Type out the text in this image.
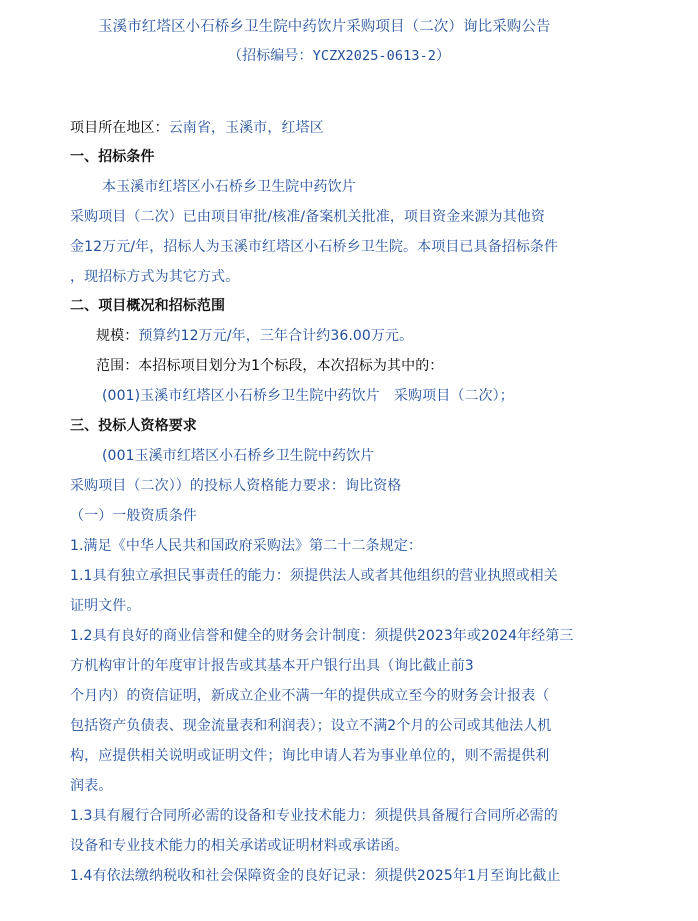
玉溪市红塔区小石桥乡卫生院中药饮片采购项目（二次）询比采购公告
（招标编号：YCZX2025-0613-2）
项目所在地区：云南省，玉溪市，红塔区
一、招标条件
本玉溪市红塔区小石桥乡卫生院中药饮片
采购项目（二次）已由项目审批/核准/备案机关批准，项目资金来源为其他资
金12万元/年，招标人为玉溪市红塔区小石桥乡卫生院。本项目已具备招标条件
，现招标方式为其它方式。
二、项目概况和招标范围
规模：预算约12万元/年，三年合计约36.00万元。
范围：本招标项目划分为1个标段，本次招标为其中的：
(001)玉溪市红塔区小石桥乡卫生院中药饮片　采购项目（二次）；
三、投标人资格要求
(001玉溪市红塔区小石桥乡卫生院中药饮片
采购项目（二次））的投标人资格能力要求：询比资格
（一）一般资质条件
1.满足《中华人民共和国政府采购法》第二十二条规定：
1.1具有独立承担民事责任的能力：须提供法人或者其他组织的营业执照或相关
证明文件。
1.2具有良好的商业信誉和健全的财务会计制度：须提供2023年或2024年经第三
方机构审计的年度审计报告或其基本开户银行出具（询比截止前3
个月内）的资信证明，新成立企业不满一年的提供成立至今的财务会计报表（
包括资产负债表、现金流量表和利润表）；设立不满2个月的公司或其他法人机
构，应提供相关说明或证明文件；询比申请人若为事业单位的，则不需提供利
润表。
1.3具有履行合同所必需的设备和专业技术能力：须提供具备履行合同所必需的
设备和专业技术能力的相关承诺或证明材料或承诺函。
1.4有依法缴纳税收和社会保障资金的良好记录：须提供2025年1月至询比截止
